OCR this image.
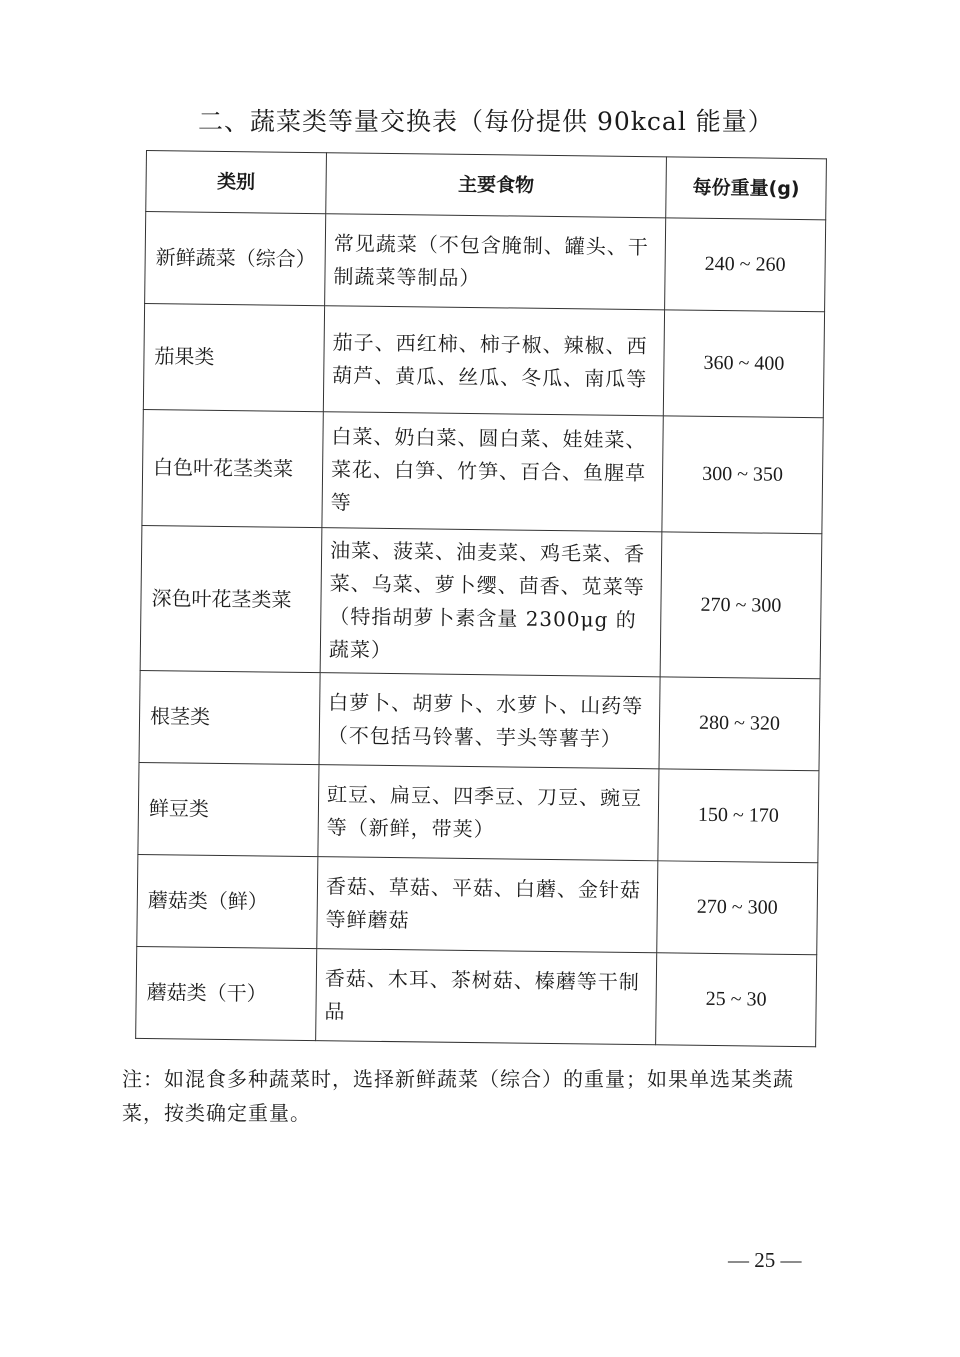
二、蔬菜类等量交换表（每份提供 90kcal 能量）
类别	主要食物	每份重量(g)
新鲜蔬菜（综合）	常见蔬菜（不包含腌制、罐头、干制蔬菜等制品）	240 ~ 260
茄果类	茄子、西红柿、柿子椒、辣椒、西葫芦、黄瓜、丝瓜、冬瓜、南瓜等	360 ~ 400
白色叶花茎类菜	白菜、奶白菜、圆白菜、娃娃菜、菜花、白笋、竹笋、百合、鱼腥草等	300 ~ 350
深色叶花茎类菜	油菜、菠菜、油麦菜、鸡毛菜、香菜、乌菜、萝卜缨、茴香、苋菜等（特指胡萝卜素含量 2300μg 的蔬菜）	270 ~ 300
根茎类	白萝卜、胡萝卜、水萝卜、山药等（不包括马铃薯、芋头等薯芋）	280 ~ 320
鲜豆类	豇豆、扁豆、四季豆、刀豆、豌豆等（新鲜，带荚）	150 ~ 170
蘑菇类（鲜）	香菇、草菇、平菇、白蘑、金针菇等鲜蘑菇	270 ~ 300
蘑菇类（干）	香菇、木耳、茶树菇、榛蘑等干制品	25 ~ 30
注：如混食多种蔬菜时，选择新鲜蔬菜（综合）的重量；如果单选某类蔬菜，按类确定重量。
— 25 —
